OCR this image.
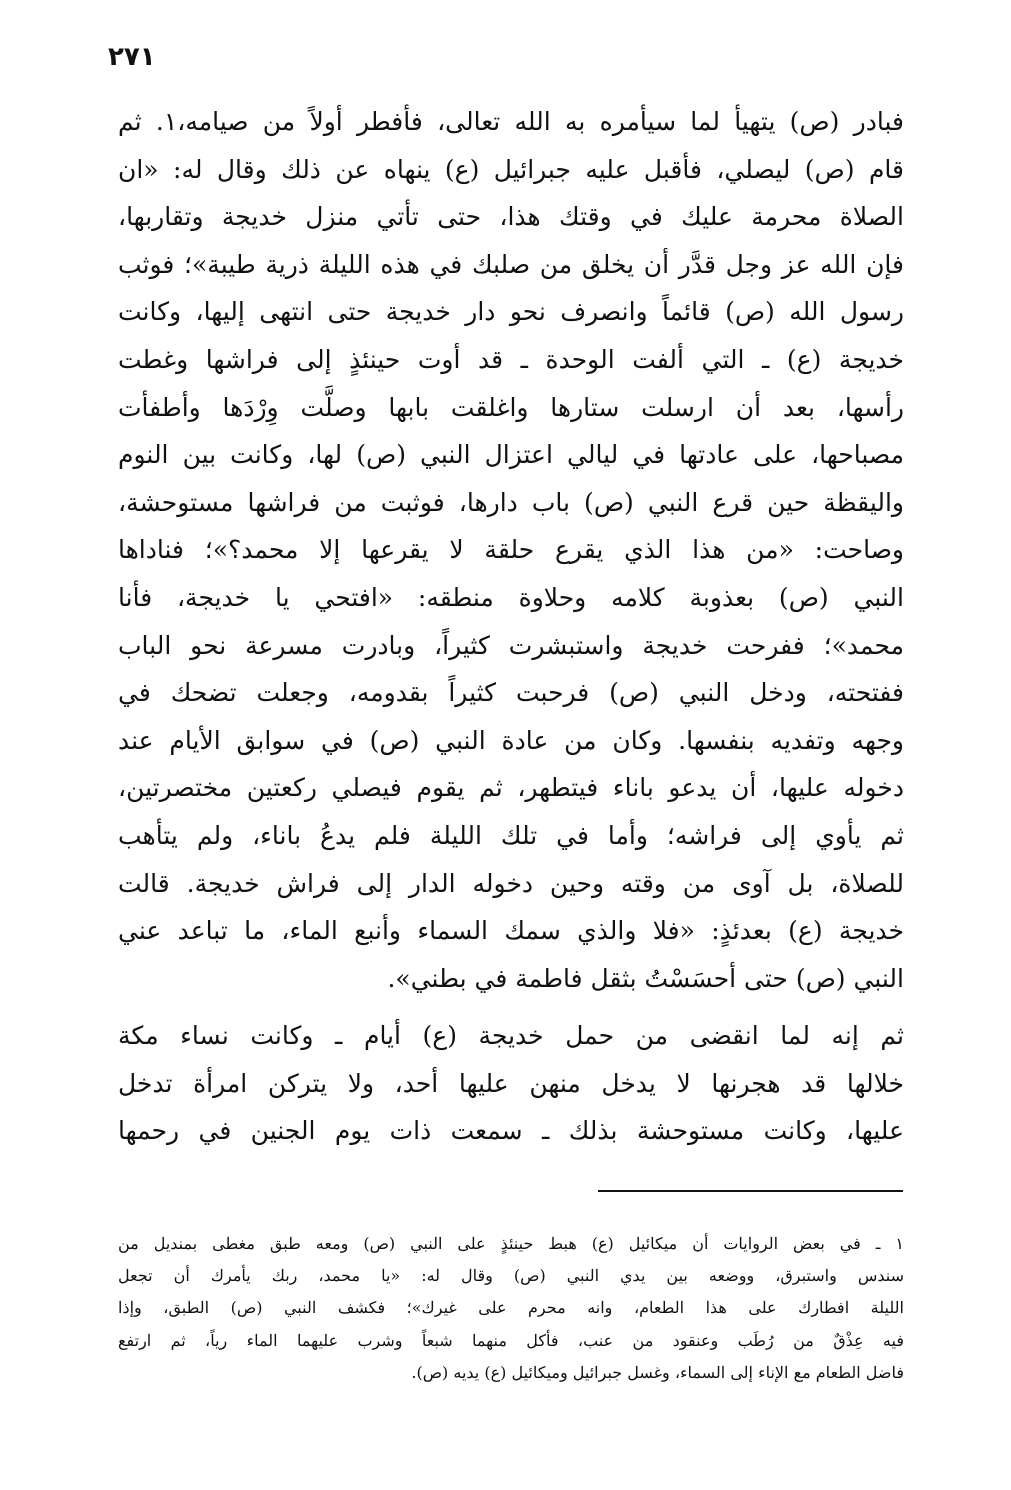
٢٧١
فبادر (ص) يتهيأ لما سيأمره به الله تعالى، فأفطر أولاً من صيامه،١. ثم
قام (ص) ليصلي، فأقبل عليه جبرائيل (ع) ينهاه عن ذلك وقال له: «ان
الصلاة محرمة عليك في وقتك هذا، حتى تأتي منزل خديجة وتقاربها،
فإن الله عز وجل قدَّر أن يخلق من صلبك في هذه الليلة ذرية طيبة»؛ فوثب
رسول الله (ص) قائماً وانصرف نحو دار خديجة حتى انتهى إليها، وكانت
خديجة (ع) ـ التي ألفت الوحدة ـ قد أوت حينئذٍ إلى فراشها وغطت
رأسها، بعد أن ارسلت ستارها واغلقت بابها وصلَّت وِرْدَها وأطفأت
مصباحها، على عادتها في ليالي اعتزال النبي (ص) لها، وكانت بين النوم
واليقظة حين قرع النبي (ص) باب دارها، فوثبت من فراشها مستوحشة،
وصاحت: «من هذا الذي يقرع حلقة لا يقرعها إلا محمد؟»؛ فناداها
النبي (ص) بعذوبة كلامه وحلاوة منطقه: «افتحي يا خديجة، فأنا
محمد»؛ ففرحت خديجة واستبشرت كثيراً، وبادرت مسرعة نحو الباب
ففتحته، ودخل النبي (ص) فرحبت كثيراً بقدومه، وجعلت تضحك في
وجهه وتفديه بنفسها. وكان من عادة النبي (ص) في سوابق الأيام عند
دخوله عليها، أن يدعو باناء فيتطهر، ثم يقوم فيصلي ركعتين مختصرتين،
ثم يأوي إلى فراشه؛ وأما في تلك الليلة فلم يدعُ باناء، ولم يتأهب
للصلاة، بل آوى من وقته وحين دخوله الدار إلى فراش خديجة. قالت
خديجة (ع) بعدئذٍ: «فلا والذي سمك السماء وأنبع الماء، ما تباعد عني
النبي (ص) حتى أحسَسْتُ بثقل فاطمة في بطني».
ثم إنه لما انقضى من حمل خديجة (ع) أيام ـ وكانت نساء مكة
خلالها قد هجرنها لا يدخل منهن عليها أحد، ولا يتركن امرأة تدخل
عليها، وكانت مستوحشة بذلك ـ سمعت ذات يوم الجنين في رحمها
١ ـ في بعض الروايات أن ميكائيل (ع) هبط حينئذٍ على النبي (ص) ومعه طبق مغطى بمنديل من
سندس واستبرق، ووضعه بين يدي النبي (ص) وقال له: «يا محمد، ربك يأمرك أن تجعل
الليلة افطارك على هذا الطعام، وانه محرم على غيرك»؛ فكشف النبي (ص) الطبق، وإذا
فيه عِذْقٌ من رُطَب وعنقود من عنب، فأكل منهما شبعاً وشرب عليهما الماء رياً، ثم ارتفع
فاضل الطعام مع الإناء إلى السماء، وغسل جبرائيل وميكائيل (ع) يديه (ص).
